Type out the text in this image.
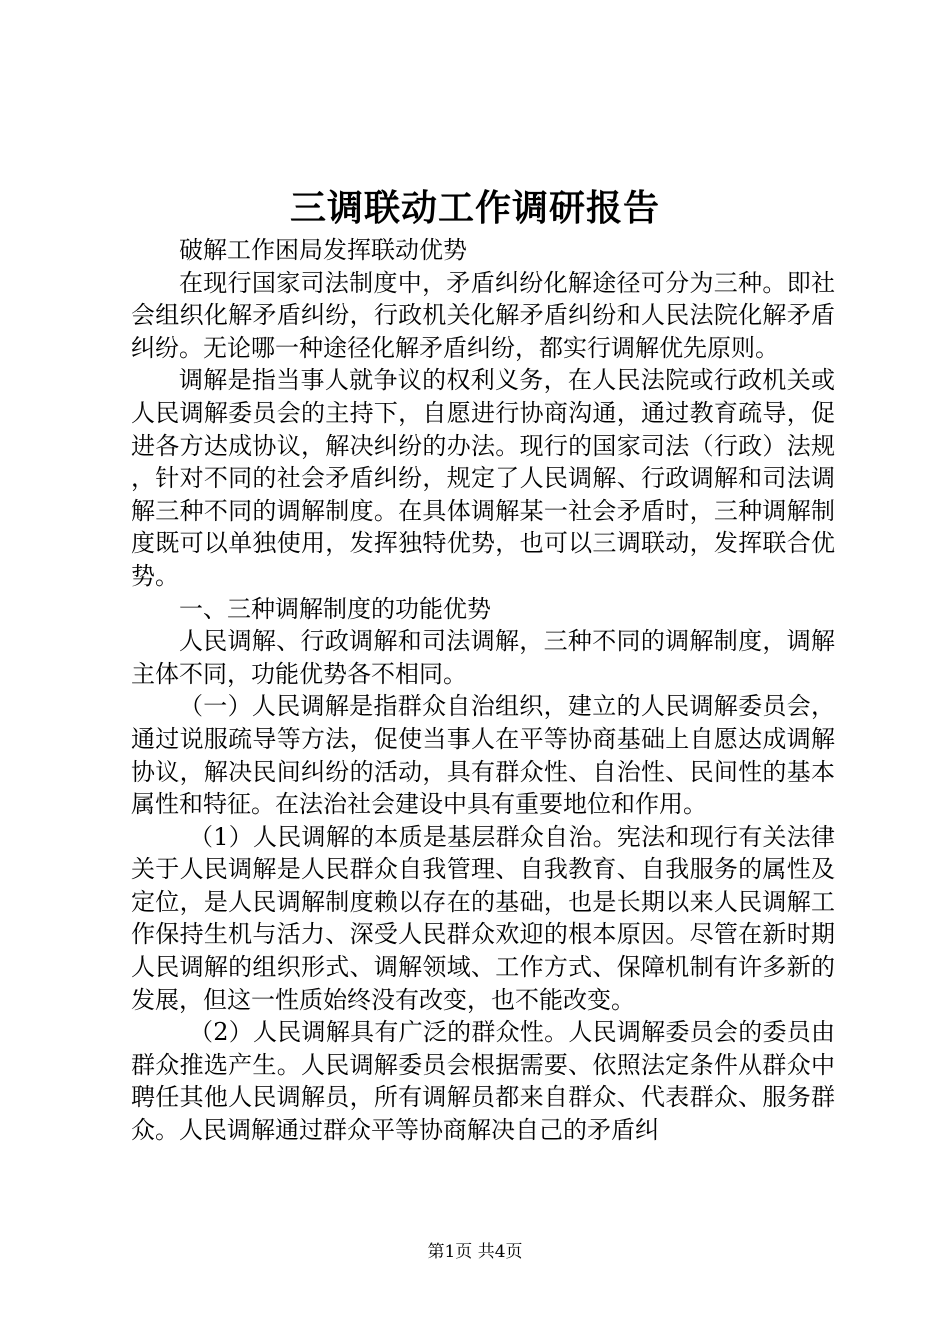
三调联动工作调研报告

破解工作困局发挥联动优势

在现行国家司法制度中，矛盾纠纷化解途径可分为三种。即社会组织化解矛盾纠纷，行政机关化解矛盾纠纷和人民法院化解矛盾纠纷。无论哪一种途径化解矛盾纠纷，都实行调解优先原则。

调解是指当事人就争议的权利义务，在人民法院或行政机关或人民调解委员会的主持下，自愿进行协商沟通，通过教育疏导，促进各方达成协议，解决纠纷的办法。现行的国家司法（行政）法规，针对不同的社会矛盾纠纷，规定了人民调解、行政调解和司法调解三种不同的调解制度。在具体调解某一社会矛盾时，三种调解制度既可以单独使用，发挥独特优势，也可以三调联动，发挥联合优势。

一、三种调解制度的功能优势

人民调解、行政调解和司法调解，三种不同的调解制度，调解主体不同，功能优势各不相同。

（一）人民调解是指群众自治组织，建立的人民调解委员会，通过说服疏导等方法，促使当事人在平等协商基础上自愿达成调解协议，解决民间纠纷的活动，具有群众性、自治性、民间性的基本属性和特征。在法治社会建设中具有重要地位和作用。

（1）人民调解的本质是基层群众自治。宪法和现行有关法律关于人民调解是人民群众自我管理、自我教育、自我服务的属性及定位，是人民调解制度赖以存在的基础，也是长期以来人民调解工作保持生机与活力、深受人民群众欢迎的根本原因。尽管在新时期人民调解的组织形式、调解领域、工作方式、保障机制有许多新的发展，但这一性质始终没有改变，也不能改变。

（2）人民调解具有广泛的群众性。人民调解委员会的委员由群众推选产生。人民调解委员会根据需要、依照法定条件从群众中聘任其他人民调解员，所有调解员都来自群众、代表群众、服务群众。人民调解通过群众平等协商解决自己的矛盾纠

第1页 共4页
